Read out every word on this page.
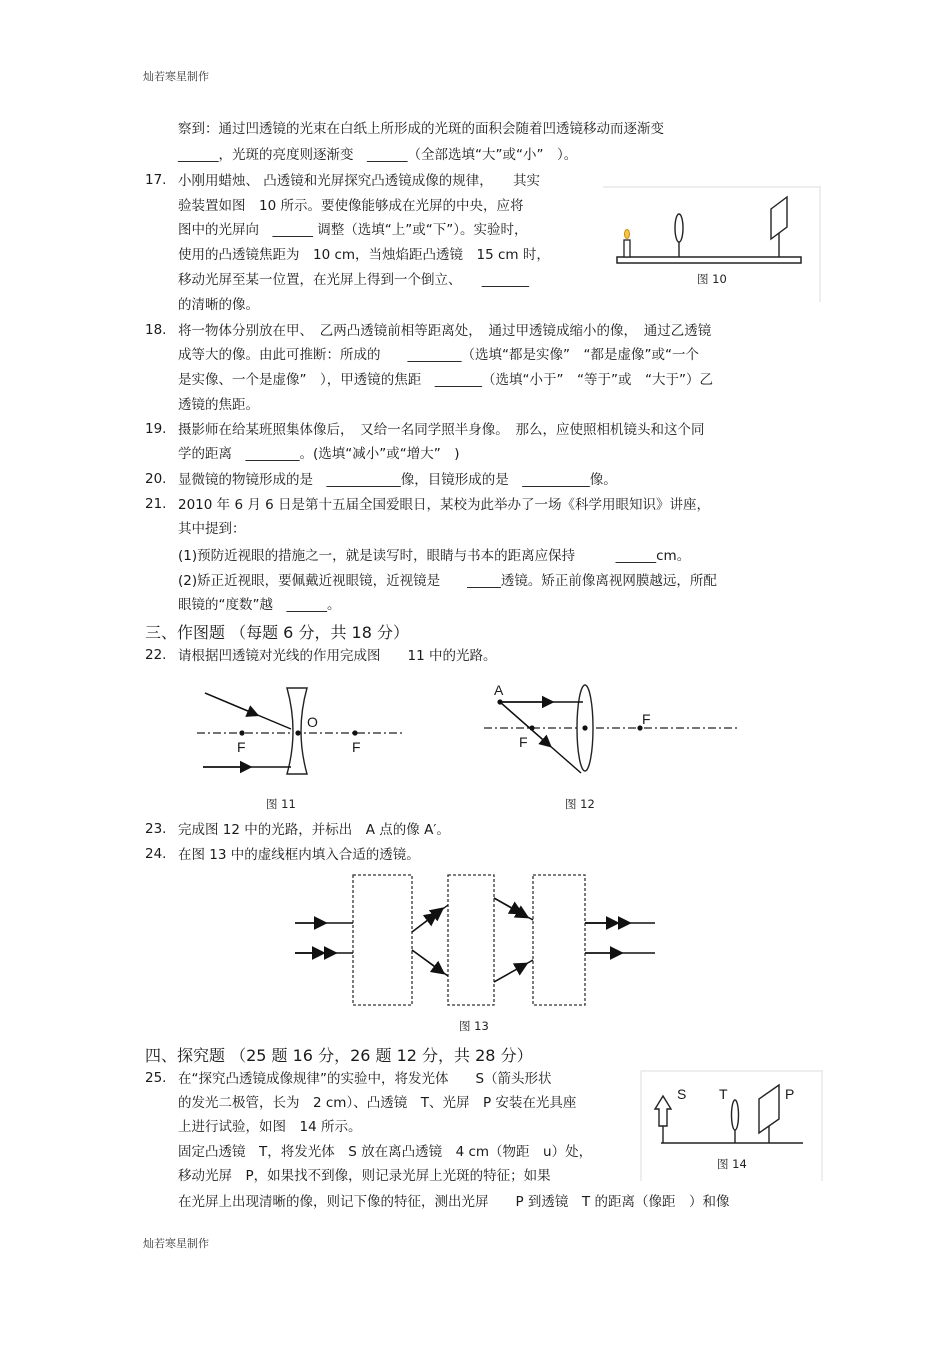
灿若寒星制作
灿若寒星制作
察到：通过凹透镜的光束在白纸上所形成的光斑的面积会随着凹透镜移动而逐渐变
______，光斑的亮度则逐渐变　______（全部选填“大”或“小”　）。
17. 小刚用蜡烛、 凸透镜和光屏探究凸透镜成像的规律，　　其实
验装置如图　10 所示。要使像能够成在光屏的中央，应将
图中的光屏向　______ 调整（选填“上”或“下”）。实验时，
使用的凸透镜焦距为　10 cm，当烛焰距凸透镜　15 cm 时，
移动光屏至某一位置，在光屏上得到一个倒立、　　_______
的清晰的像。
图 10
18. 将一物体分别放在甲、　乙两凸透镜前相等距离处，　通过甲透镜成缩小的像，　通过乙透镜
成等大的像。由此可推断：所成的　　________（选填“都是实像”　“都是虚像”或“一个
是实像、一个是虚像”　），甲透镜的焦距　_______（选填“小于”　“等于”或　“大于”）乙
透镜的焦距。
19. 摄影师在给某班照集体像后，　又给一名同学照半身像。　那么，应使照相机镜头和这个同
学的距离　________。(选填“减小”或“增大”　)
20. 显微镜的物镜形成的是　___________像，目镜形成的是　__________像。
21. 2010 年 6 月 6 日是第十五届全国爱眼日，某校为此举办了一场《科学用眼知识》讲座，
其中提到：
(1)预防近视眼的措施之一，就是读写时，眼睛与书本的距离应保持　　　______cm。
(2)矫正近视眼，要佩戴近视眼镜，近视镜是　　_____透镜。矫正前像离视网膜越远，所配
眼镜的“度数”越　______。
三、作图题 （每题 6 分，共 18 分）
22. 请根据凹透镜对光线的作用完成图　　11 中的光路。
O
F	F
图 11
A
F
F
图 12
23. 完成图 12 中的光路，并标出　A 点的像 A′。
24. 在图 13 中的虚线框内填入合适的透镜。
图 13
四、探究题 （25 题 16 分，26 题 12 分，共 28 分）
25. 在“探究凸透镜成像规律”的实验中，将发光体　　S（箭头形状
的发光二极管，长为　2 cm）、凸透镜　T、光屏　P 安装在光具座
上进行试验，如图　14 所示。
固定凸透镜　T，将发光体　S 放在离凸透镜　4 cm（物距　u）处，
移动光屏　P，如果找不到像，则记录光屏上光斑的特征；如果
在光屏上出现清晰的像，则记下像的特征，测出光屏　　P 到透镜　T 的距离（像距　）和像
S T	P
图 14
